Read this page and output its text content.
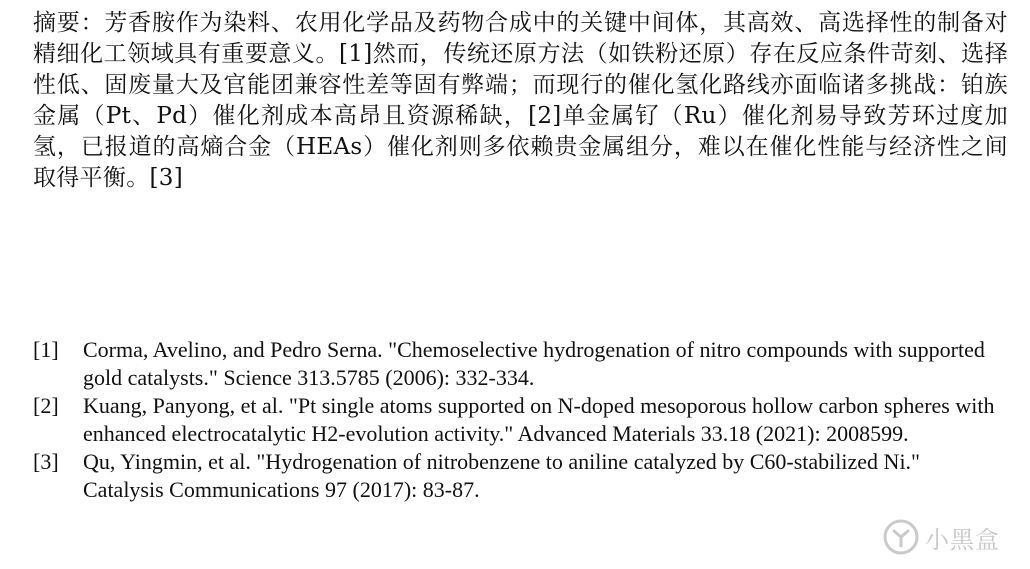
摘要：芳香胺作为染料、农用化学品及药物合成中的关键中间体，其高效、高选择性的制备对精细化工领域具有重要意义。[1]然而，传统还原方法（如铁粉还原）存在反应条件苛刻、选择性低、固废量大及官能团兼容性差等固有弊端；而现行的催化氢化路线亦面临诸多挑战：铂族金属（Pt、Pd）催化剂成本高昂且资源稀缺，[2]单金属钌（Ru）催化剂易导致芳环过度加氢，已报道的高熵合金（HEAs）催化剂则多依赖贵金属组分，难以在催化性能与经济性之间取得平衡。[3]

[1]	Corma, Avelino, and Pedro Serna. "Chemoselective hydrogenation of nitro compounds with supported gold catalysts." Science 313.5785 (2006): 332-334.
[2]	Kuang, Panyong, et al. "Pt single atoms supported on N-doped mesoporous hollow carbon spheres with enhanced electrocatalytic H2-evolution activity." Advanced Materials 33.18 (2021): 2008599.
[3]	Qu, Yingmin, et al. "Hydrogenation of nitrobenzene to aniline catalyzed by C60-stabilized Ni." Catalysis Communications 97 (2017): 83-87.
小黑盒
